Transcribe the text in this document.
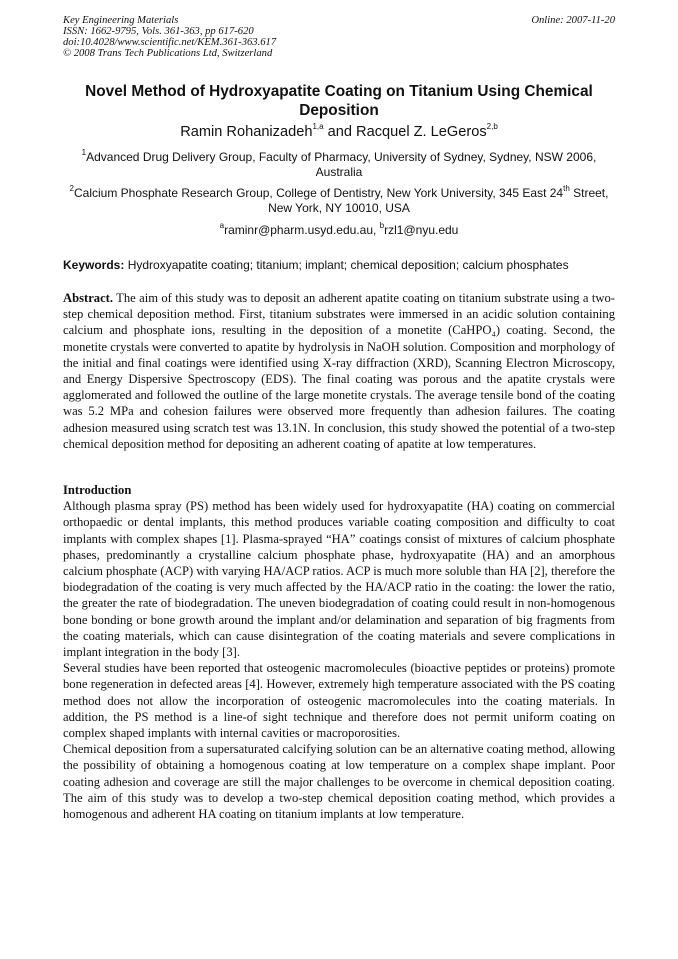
Key Engineering Materials
ISSN: 1662-9795, Vols. 361-363, pp 617-620
doi:10.4028/www.scientific.net/KEM.361-363.617
© 2008 Trans Tech Publications Ltd, Switzerland
Online: 2007-11-20
Novel Method of Hydroxyapatite Coating on Titanium Using Chemical Deposition
Ramin Rohanizadeh$^{1,a}$ and Racquel Z. LeGeros$^{2,b}$
$^1$Advanced Drug Delivery Group, Faculty of Pharmacy, University of Sydney, Sydney, NSW 2006, Australia
$^2$Calcium Phosphate Research Group, College of Dentistry, New York University, 345 East 24th Street, New York, NY 10010, USA
$^a$raminr@pharm.usyd.edu.au, $^b$rzl1@nyu.edu
Keywords: Hydroxyapatite coating; titanium; implant; chemical deposition; calcium phosphates
Abstract. The aim of this study was to deposit an adherent apatite coating on titanium substrate using a two-step chemical deposition method. First, titanium substrates were immersed in an acidic solution containing calcium and phosphate ions, resulting in the deposition of a monetite (CaHPO₄) coating. Second, the monetite crystals were converted to apatite by hydrolysis in NaOH solution. Composition and morphology of the initial and final coatings were identified using X-ray diffraction (XRD), Scanning Electron Microscopy, and Energy Dispersive Spectroscopy (EDS). The final coating was porous and the apatite crystals were agglomerated and followed the outline of the large monetite crystals. The average tensile bond of the coating was 5.2 MPa and cohesion failures were observed more frequently than adhesion failures. The coating adhesion measured using scratch test was 13.1N. In conclusion, this study showed the potential of a two-step chemical deposition method for depositing an adherent coating of apatite at low temperatures.
Introduction

Although plasma spray (PS) method has been widely used for hydroxyapatite (HA) coating on commercial orthopaedic or dental implants, this method produces variable coating composition and difficulty to coat implants with complex shapes [1]. Plasma-sprayed “HA” coatings consist of mixtures of calcium phosphate phases, predominantly a crystalline calcium phosphate phase, hydroxyapatite (HA) and an amorphous calcium phosphate (ACP) with varying HA/ACP ratios. ACP is much more soluble than HA [2], therefore the biodegradation of the coating is very much affected by the HA/ACP ratio in the coating: the lower the ratio, the greater the rate of biodegradation. The uneven biodegradation of coating could result in non-homogenous bone bonding or bone growth around the implant and/or delamination and separation of big fragments from the coating materials, which can cause disintegration of the coating materials and severe complications in implant integration in the body [3].

Several studies have been reported that osteogenic macromolecules (bioactive peptides or proteins) promote bone regeneration in defected areas [4]. However, extremely high temperature associated with the PS coating method does not allow the incorporation of osteogenic macromolecules into the coating materials. In addition, the PS method is a line-of sight technique and therefore does not permit uniform coating on complex shaped implants with internal cavities or macroporosities.

Chemical deposition from a supersaturated calcifying solution can be an alternative coating method, allowing the possibility of obtaining a homogenous coating at low temperature on a complex shape implant. Poor coating adhesion and coverage are still the major challenges to be overcome in chemical deposition coating. The aim of this study was to develop a two-step chemical deposition coating method, which provides a homogenous and adherent HA coating on titanium implants at low temperature.
